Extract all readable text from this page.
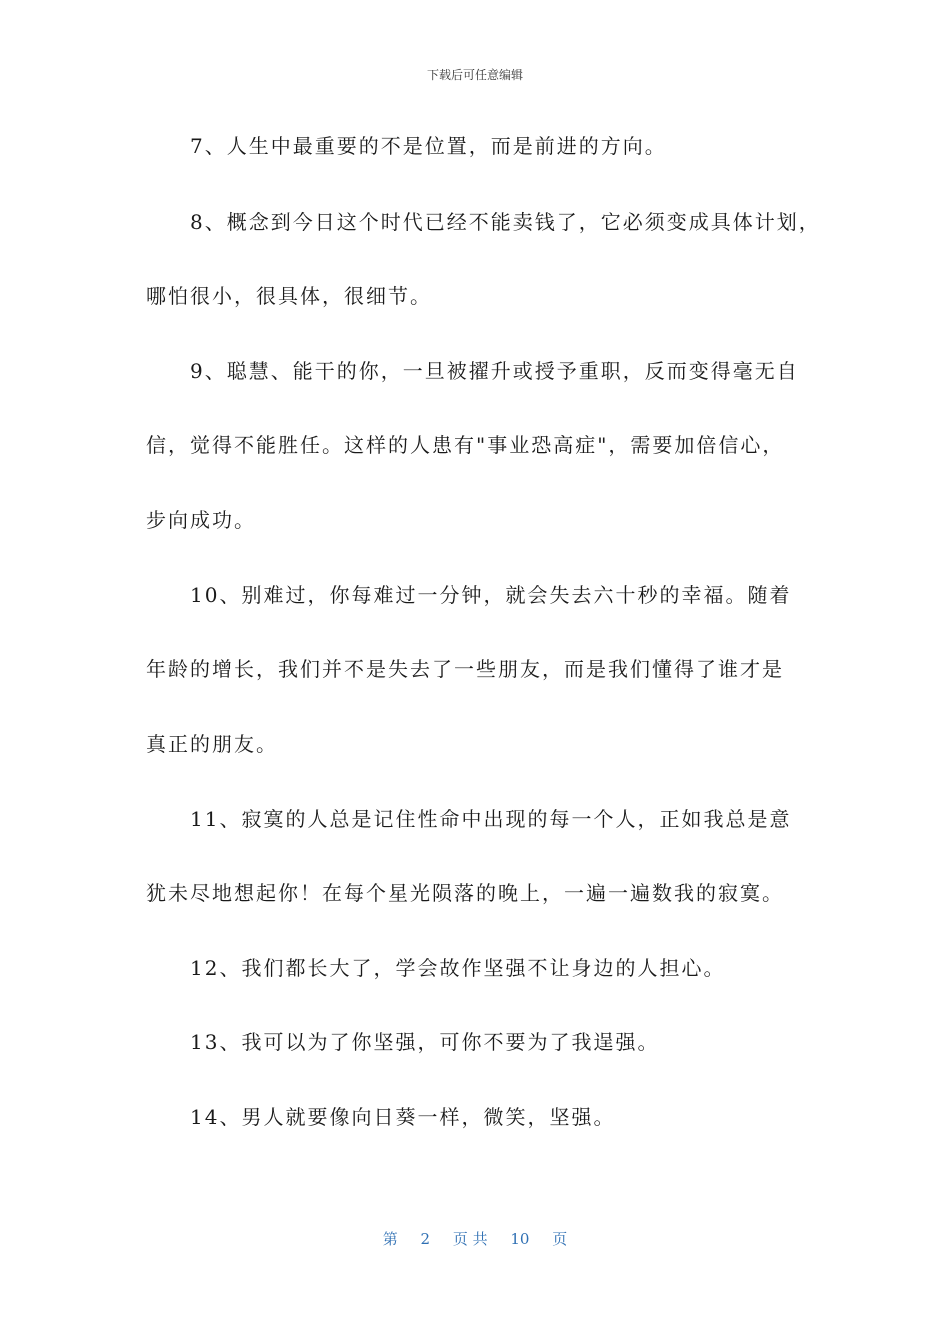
下载后可任意编辑
7、人生中最重要的不是位置，而是前进的方向。
8、概念到今日这个时代已经不能卖钱了，它必须变成具体计划，
哪怕很小，很具体，很细节。
9、聪慧、能干的你，一旦被擢升或授予重职，反而变得毫无自
信，觉得不能胜任。这样的人患有"事业恐高症"，需要加倍信心，
步向成功。
10、别难过，你每难过一分钟，就会失去六十秒的幸福。随着
年龄的增长，我们并不是失去了一些朋友，而是我们懂得了谁才是
真正的朋友。
11、寂寞的人总是记住性命中出现的每一个人，正如我总是意
犹未尽地想起你！在每个星光陨落的晚上，一遍一遍数我的寂寞。
12、我们都长大了，学会故作坚强不让身边的人担心。
13、我可以为了你坚强，可你不要为了我逞强。
14、男人就要像向日葵一样，微笑，坚强。
第 2 页 共 10 页
